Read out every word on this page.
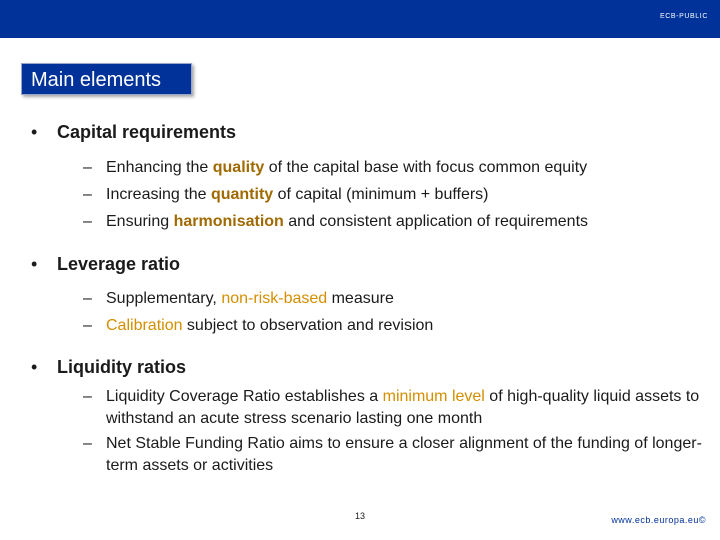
ECB-PUBLIC
Main elements
• Capital requirements
– Enhancing the quality of the capital base with focus common equity
– Increasing the quantity of capital (minimum + buffers)
– Ensuring harmonisation and consistent application of requirements
• Leverage ratio
– Supplementary, non-risk-based measure
– Calibration subject to observation and revision
• Liquidity ratios
– Liquidity Coverage Ratio establishes a minimum level of high-quality liquid assets to withstand an acute stress scenario lasting one month
– Net Stable Funding Ratio aims to ensure a closer alignment of the funding of longer-term assets or activities
13	www.ecb.europa.eu©
